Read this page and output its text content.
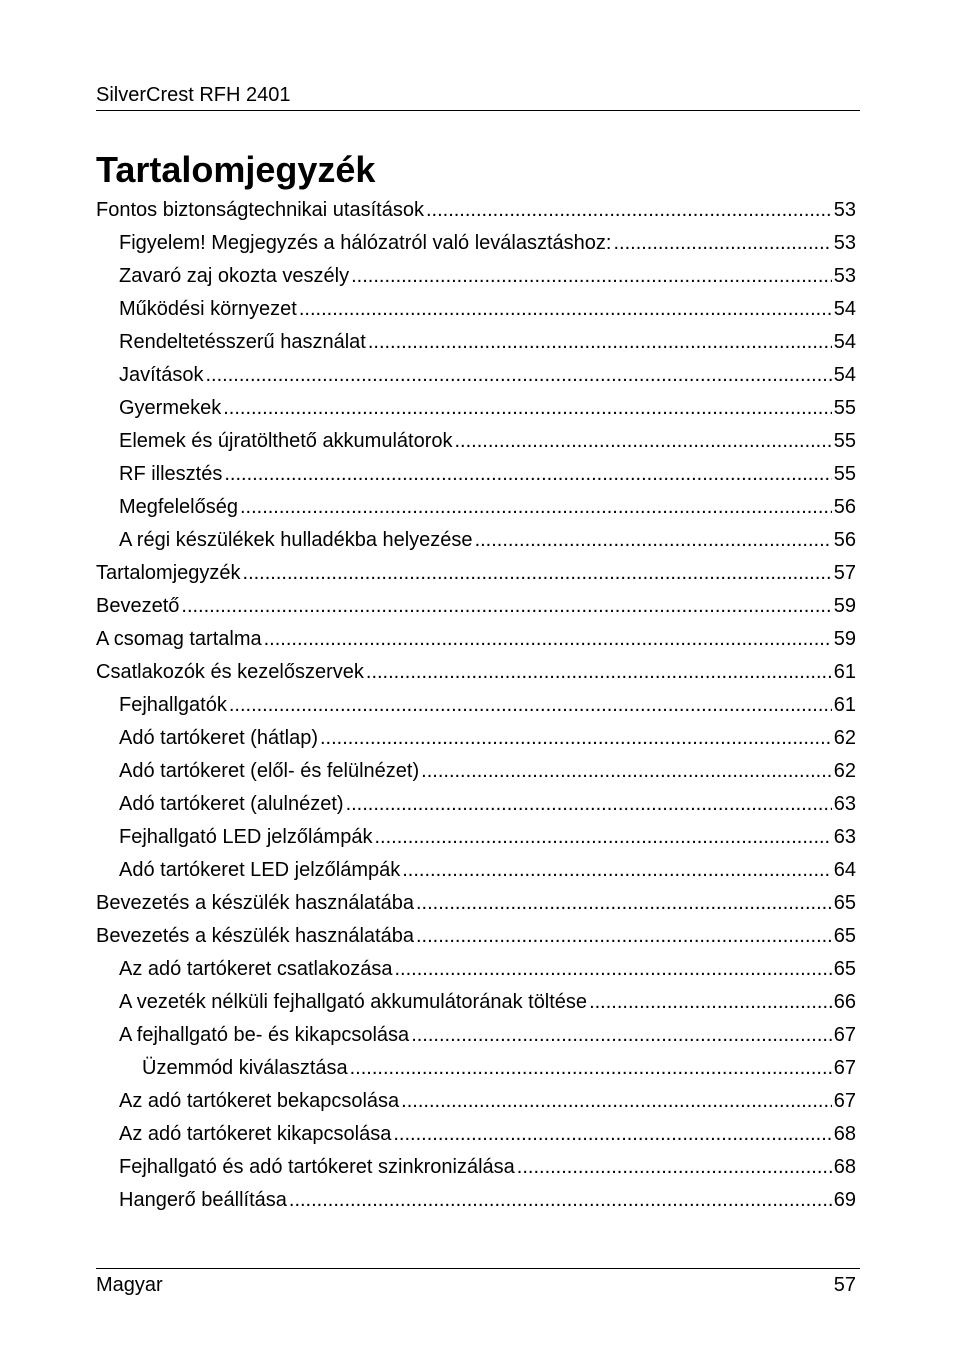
SilverCrest RFH 2401
Tartalomjegyzék
Fontos biztonságtechnikai utasítások .....	53
Figyelem! Megjegyzés a hálózatról való leválasztáshoz: .....	53
Zavaró zaj okozta veszély .....	53
Működési környezet .....	54
Rendeltetésszerű használat .....	54
Javítások .....	54
Gyermekek .....	55
Elemek és újratölthető akkumulátorok .....	55
RF illesztés .....	55
Megfelelőség .....	56
A régi készülékek hulladékba helyezése .....	56
Tartalomjegyzék .....	57
Bevezető .....	59
A csomag tartalma .....	59
Csatlakozók és kezelőszervek .....	61
Fejhallgatók .....	61
Adó tartókeret (hátlap) .....	62
Adó tartókeret (elől- és felülnézet) .....	62
Adó tartókeret (alulnézet) .....	63
Fejhallgató LED jelzőlámpák .....	63
Adó tartókeret LED jelzőlámpák .....	64
Bevezetés a készülék használatába .....	65
Bevezetés a készülék használatába .....	65
Az adó tartókeret csatlakozása .....	65
A vezeték nélküli fejhallgató akkumulátorának töltése .....	66
A fejhallgató be- és kikapcsolása .....	67
Üzemmód kiválasztása .....	67
Az adó tartókeret bekapcsolása .....	67
Az adó tartókeret kikapcsolása .....	68
Fejhallgató és adó tartókeret szinkronizálása .....	68
Hangerő beállítása .....	69
Magyar	57
